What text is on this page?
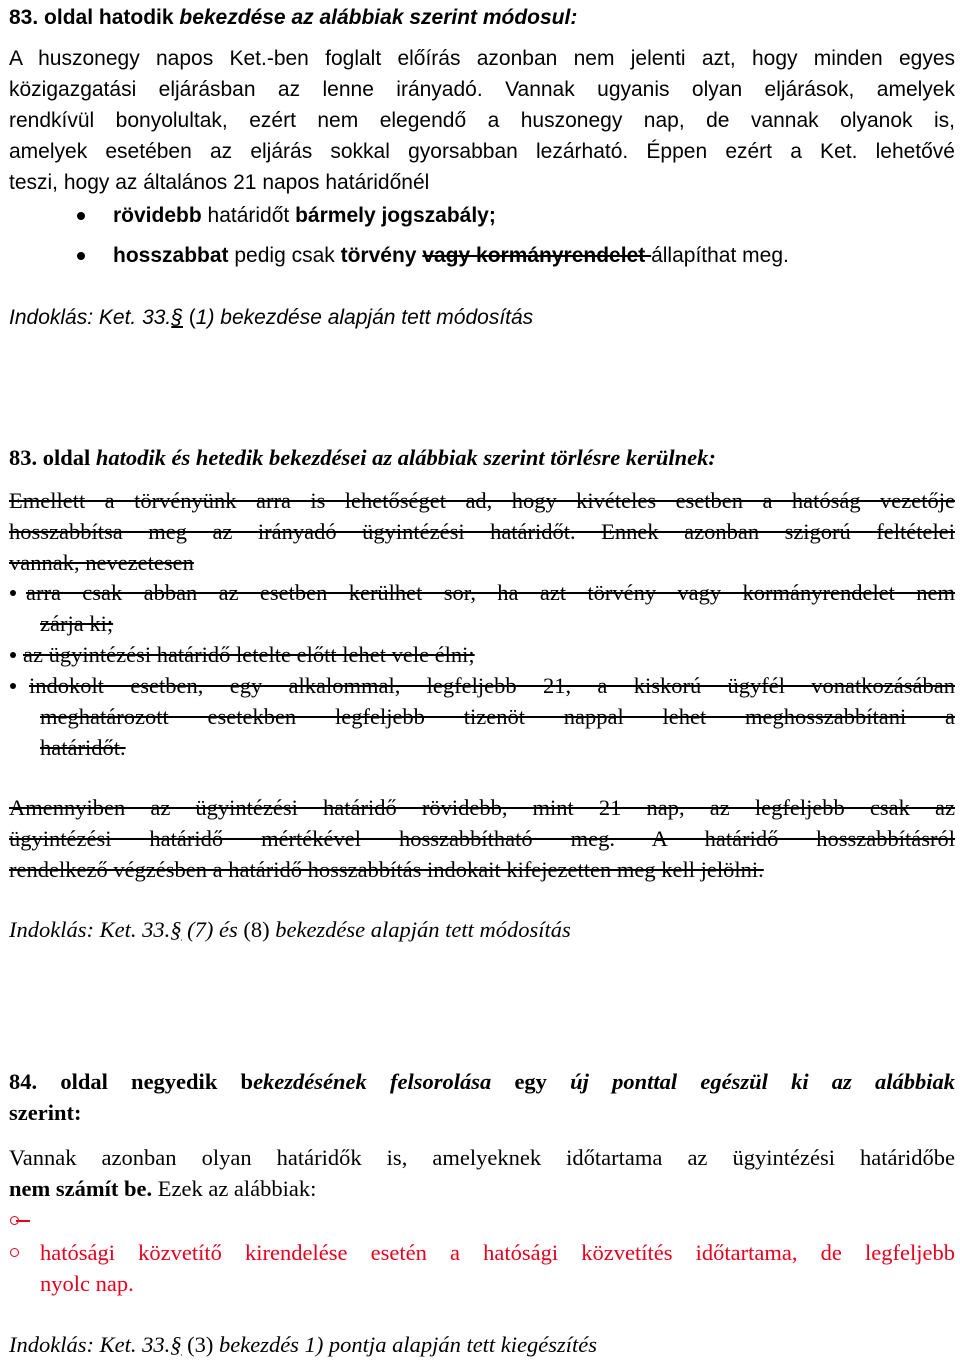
83. oldal hatodik bekezdése az alábbiak szerint módosul:
A huszonegy napos Ket.-ben foglalt előírás azonban nem jelenti azt, hogy minden egyes
közigazgatási eljárásban az lenne irányadó. Vannak ugyanis olyan eljárások, amelyek
rendkívül bonyolultak, ezért nem elegendő a huszonegy nap, de vannak olyanok is,
amelyek esetében az eljárás sokkal gyorsabban lezárható. Éppen ezért a Ket. lehetővé
teszi, hogy az általános 21 napos határidőnél
rövidebb határidőt bármely jogszabály;
hosszabbat pedig csak törvény vagy kormányrendelet állapíthat meg.
Indoklás: Ket. 33.§ (1) bekezdése alapján tett módosítás
83. oldal hatodik és hetedik bekezdései az alábbiak szerint törlésre kerülnek:
Emellett a törvényünk arra is lehetőséget ad, hogy kivételes esetben a hatóság vezetője
hosszabbítsa meg az irányadó ügyintézési határidőt. Ennek azonban szigorú feltételei
vannak, nevezetesen
arra csak abban az esetben kerülhet sor, ha azt törvény vagy kormányrendelet nem
zárja ki;
az ügyintézési határidő letelte előtt lehet vele élni;
indokolt esetben, egy alkalommal, legfeljebb 21, a kiskorú ügyfél vonatkozásában
meghatározott esetekben legfeljebb tizenöt nappal lehet meghosszabbítani a
határidőt.
Amennyiben az ügyintézési határidő rövidebb, mint 21 nap, az legfeljebb csak az
ügyintézési határidő mértékével hosszabbítható meg. A határidő hosszabbításról
rendelkező végzésben a határidő hosszabbítás indokait kifejezetten meg kell jelölni.
Indoklás: Ket. 33.§ (7) és (8) bekezdése alapján tett módosítás
84. oldal negyedik bekezdésének felsorolása egy új ponttal egészül ki az alábbiak
szerint:
Vannak azonban olyan határidők is, amelyeknek időtartama az ügyintézési határidőbe
nem számít be. Ezek az alábbiak:
hatósági közvetítő kirendelése esetén a hatósági közvetítés időtartama, de legfeljebb
nyolc nap.
Indoklás: Ket. 33.§ (3) bekezdés 1) pontja alapján tett kiegészítés
